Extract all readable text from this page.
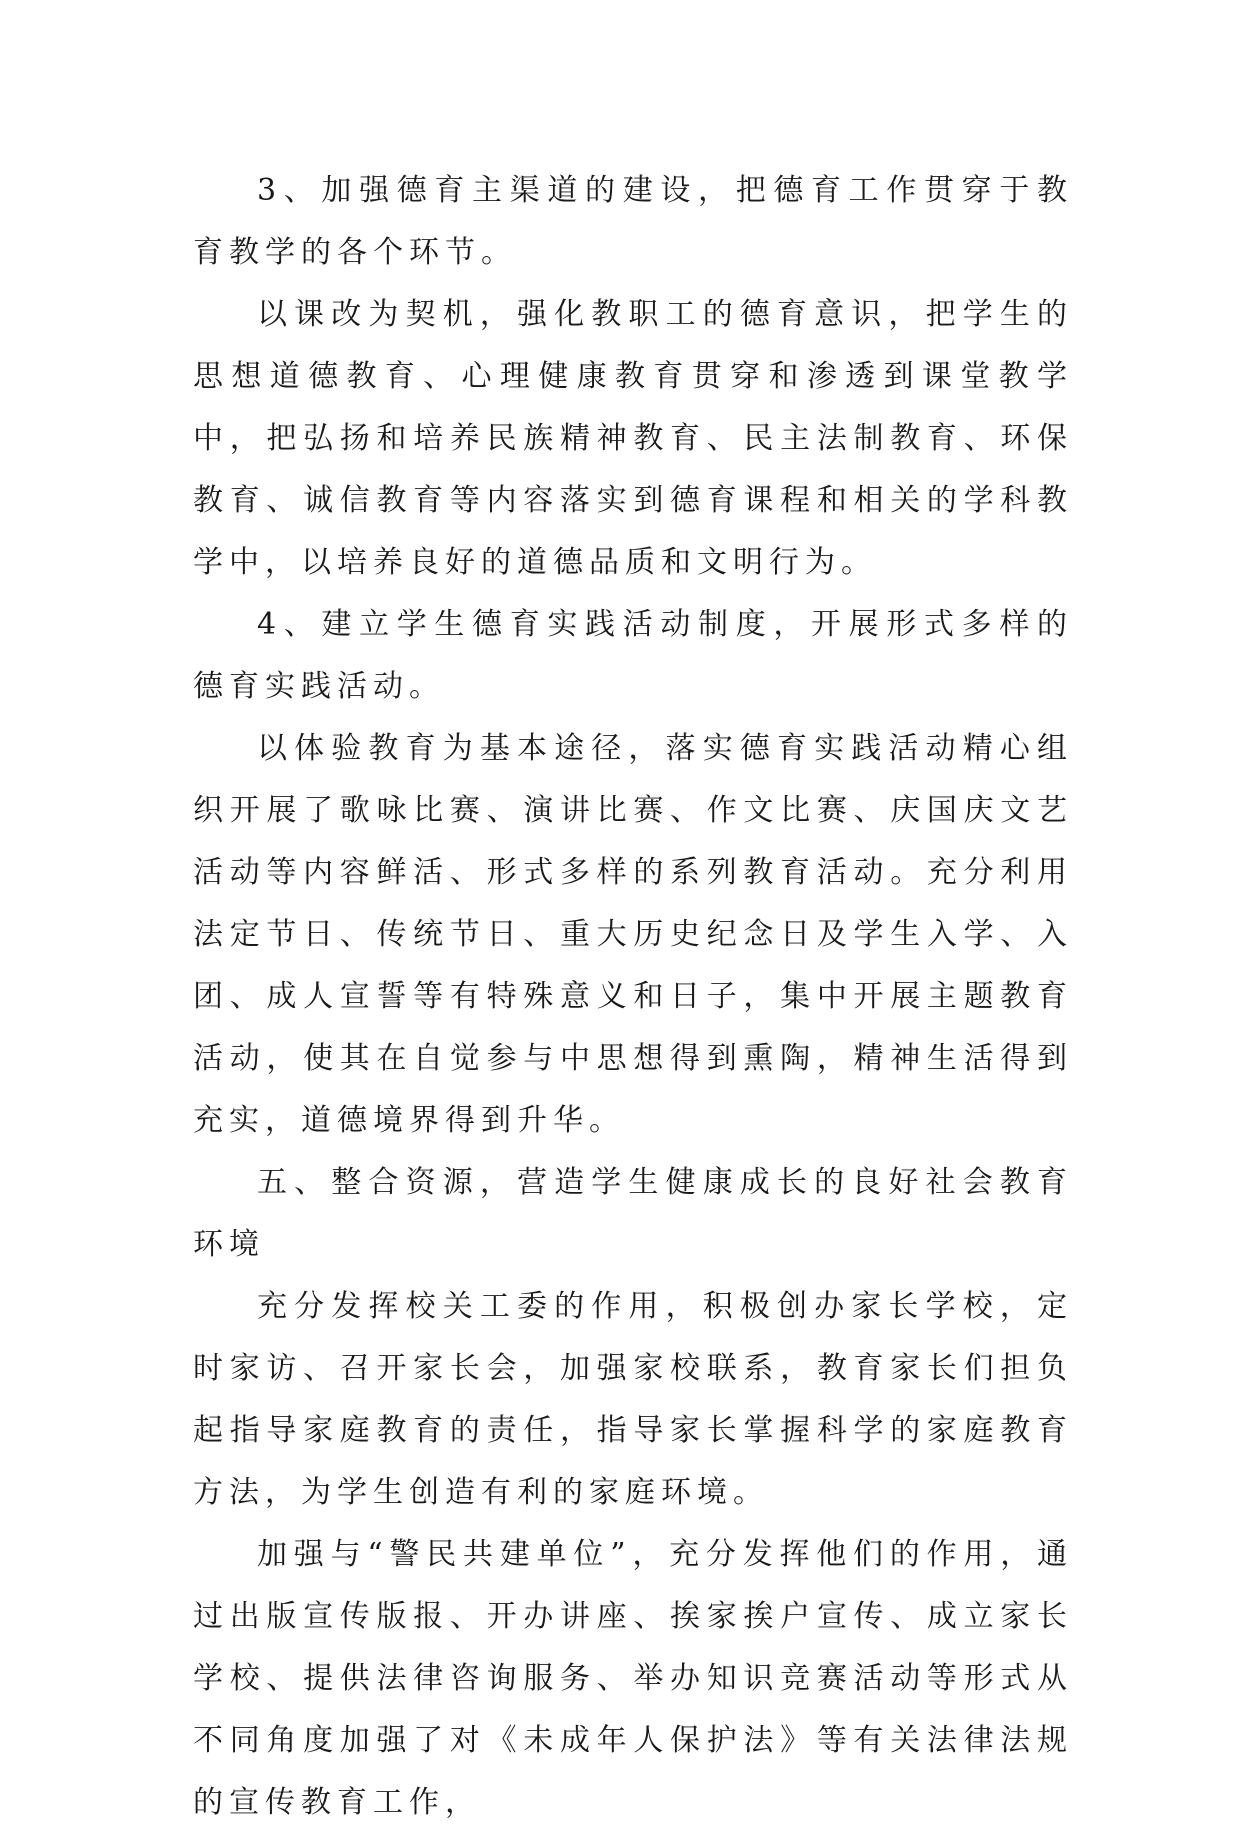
3、加强德育主渠道的建设，把德育工作贯穿于教育教学的各个环节。

以课改为契机，强化教职工的德育意识，把学生的思想道德教育、心理健康教育贯穿和渗透到课堂教学中，把弘扬和培养民族精神教育、民主法制教育、环保教育、诚信教育等内容落实到德育课程和相关的学科教学中，以培养良好的道德品质和文明行为。

4、建立学生德育实践活动制度，开展形式多样的德育实践活动。

以体验教育为基本途径，落实德育实践活动精心组织开展了歌咏比赛、演讲比赛、作文比赛、庆国庆文艺活动等内容鲜活、形式多样的系列教育活动。充分利用法定节日、传统节日、重大历史纪念日及学生入学、入团、成人宣誓等有特殊意义和日子，集中开展主题教育活动，使其在自觉参与中思想得到熏陶，精神生活得到充实，道德境界得到升华。

五、整合资源，营造学生健康成长的良好社会教育环境

充分发挥校关工委的作用，积极创办家长学校，定时家访、召开家长会，加强家校联系，教育家长们担负起指导家庭教育的责任，指导家长掌握科学的家庭教育方法，为学生创造有利的家庭环境。

加强与“警民共建单位”，充分发挥他们的作用，通过出版宣传版报、开办讲座、挨家挨户宣传、成立家长学校、提供法律咨询服务、举办知识竞赛活动等形式从不同角度加强了对《未成年人保护法》等有关法律法规的宣传教育工作，
